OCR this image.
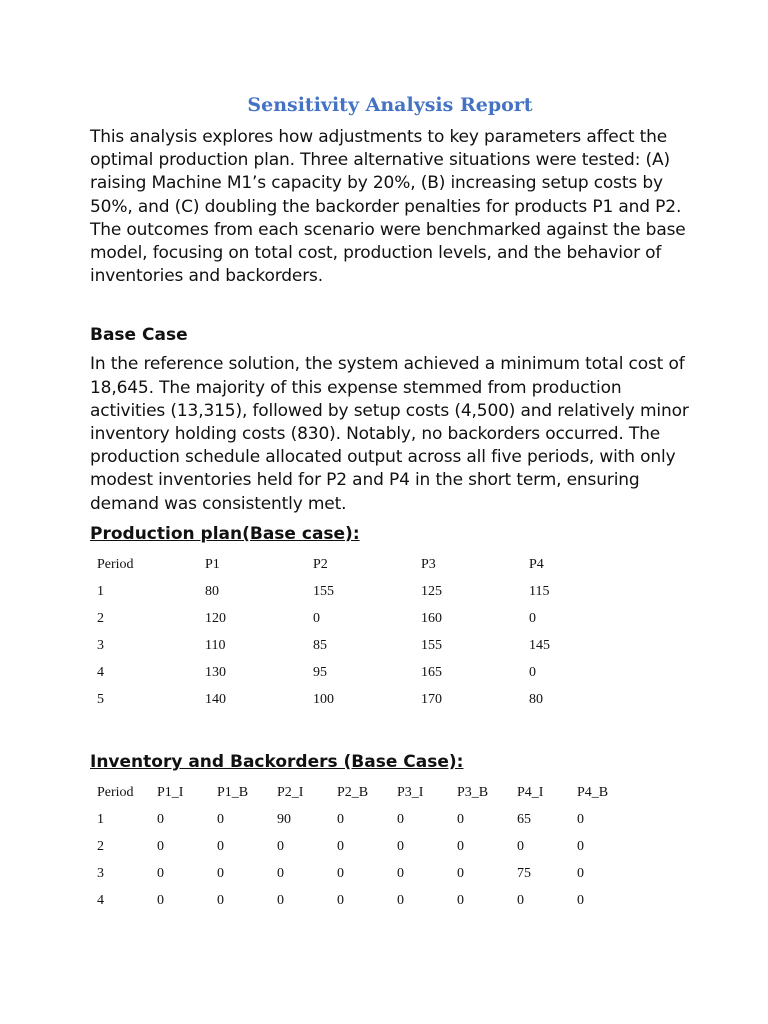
Sensitivity Analysis Report

This analysis explores how adjustments to key parameters affect the optimal production plan. Three alternative situations were tested: (A) raising Machine M1’s capacity by 20%, (B) increasing setup costs by 50%, and (C) doubling the backorder penalties for products P1 and P2. The outcomes from each scenario were benchmarked against the base model, focusing on total cost, production levels, and the behavior of inventories and backorders.

Base Case

In the reference solution, the system achieved a minimum total cost of 18,645. The majority of this expense stemmed from production activities (13,315), followed by setup costs (4,500) and relatively minor inventory holding costs (830). Notably, no backorders occurred. The production schedule allocated output across all five periods, with only modest inventories held for P2 and P4 in the short term, ensuring demand was consistently met.

Production plan(Base case):
Period	P1	P2	P3	P4
1	80	155	125	115
2	120	0	160	0
3	110	85	155	145
4	130	95	165	0
5	140	100	170	80
Inventory and Backorders (Base Case):
Period	P1_I	P1_B	P2_I	P2_B	P3_I	P3_B	P4_I	P4_B
1	0	0	90	0	0	0	65	0
2	0	0	0	0	0	0	0	0
3	0	0	0	0	0	0	75	0
4	0	0	0	0	0	0	0	0
